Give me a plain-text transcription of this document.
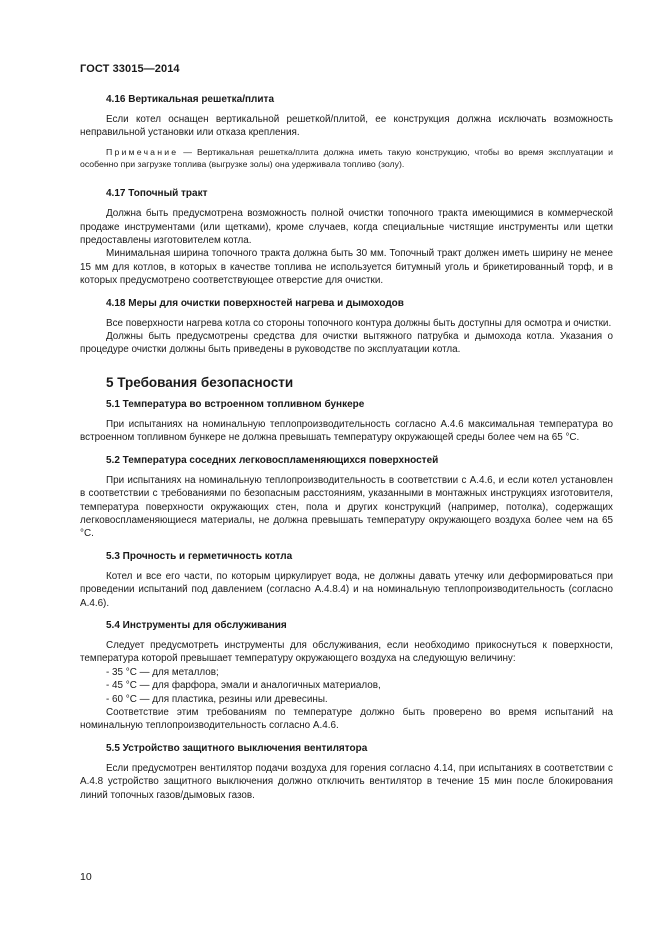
ГОСТ 33015—2014
4.16 Вертикальная решетка/плита

Если котел оснащен вертикальной решеткой/плитой, ее конструкция должна исключать возможность неправильной установки или отказа крепления.

Примечание — Вертикальная решетка/плита должна иметь такую конструкцию, чтобы во время эксплуатации и особенно при загрузке топлива (выгрузке золы) она удерживала топливо (золу).

4.17 Топочный тракт

Должна быть предусмотрена возможность полной очистки топочного тракта имеющимися в коммерческой продаже инструментами (или щетками), кроме случаев, когда специальные чистящие инструменты или щетки предоставлены изготовителем котла.

Минимальная ширина топочного тракта должна быть 30 мм. Топочный тракт должен иметь ширину не менее 15 мм для котлов, в которых в качестве топлива не используется битумный уголь и брикетированный торф, и в которых предусмотрено соответствующее отверстие для очистки.

4.18 Меры для очистки поверхностей нагрева и дымоходов

Все поверхности нагрева котла со стороны топочного контура должны быть доступны для осмотра и очистки.

Должны быть предусмотрены средства для очистки вытяжного патрубка и дымохода котла. Указания о процедуре очистки должны быть приведены в руководстве по эксплуатации котла.

5 Требования безопасности
5.1 Температура во встроенном топливном бункере

При испытаниях на номинальную теплопроизводительность согласно А.4.6 максимальная температура во встроенном топливном бункере не должна превышать температуру окружающей среды более чем на 65 °C.

5.2 Температура соседних легковоспламеняющихся поверхностей

При испытаниях на номинальную теплопроизводительность в соответствии с А.4.6, и если котел установлен в соответствии с требованиями по безопасным расстояниям, указанными в монтажных инструкциях изготовителя, температура поверхности окружающих стен, пола и других конструкций (например, потолка), содержащих легковоспламеняющиеся материалы, не должна превышать температуру окружающего воздуха более чем на 65 °C.

5.3 Прочность и герметичность котла

Котел и все его части, по которым циркулирует вода, не должны давать утечку или деформироваться при проведении испытаний под давлением (согласно А.4.8.4) и на номинальную теплопроизводительность (согласно А.4.6).

5.4 Инструменты для обслуживания

Следует предусмотреть инструменты для обслуживания, если необходимо прикоснуться к поверхности, температура которой превышает температуру окружающего воздуха на следующую величину:

- 35 °C — для металлов;

- 45 °C — для фарфора, эмали и аналогичных материалов,

- 60 °C — для пластика, резины или древесины.

Соответствие этим требованиям по температуре должно быть проверено во время испытаний на номинальную теплопроизводительность согласно А.4.6.

5.5 Устройство защитного выключения вентилятора

Если предусмотрен вентилятор подачи воздуха для горения согласно 4.14, при испытаниях в соответствии с А.4.8 устройство защитного выключения должно отключить вентилятор в течение 15 мин после блокирования линий топочных газов/дымовых газов.

10
